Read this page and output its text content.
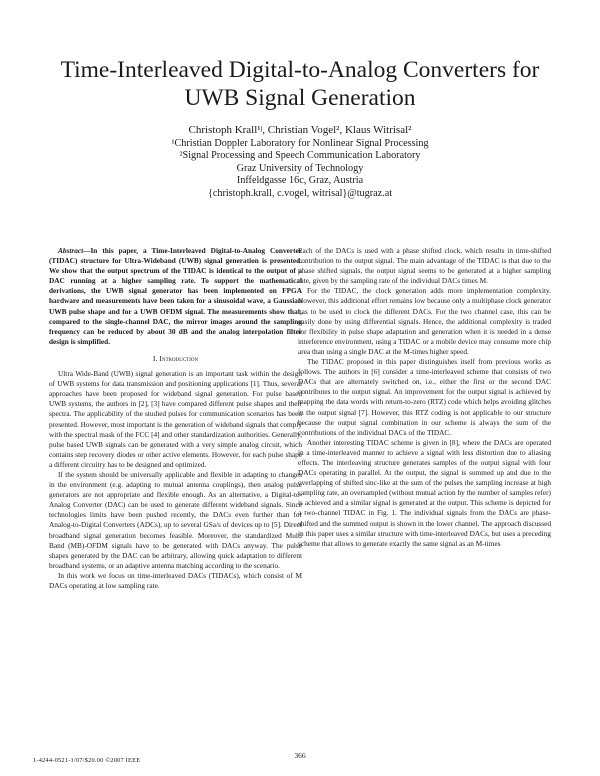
Time-Interleaved Digital-to-Analog Converters for
UWB Signal Generation
Christoph Krall¹ʲ, Christian Vogel², Klaus Witrisal²
¹Christian Doppler Laboratory for Nonlinear Signal Processing
²Signal Processing and Speech Communication Laboratory
Graz University of Technology
Inffeldgasse 16c, Graz, Austria
{christoph.krall, c.vogel, witrisal}@tugraz.at

Abstract—In this paper, a Time-Interleaved Digital-to-Analog Converter (TIDAC) structure for Ultra-Wideband (UWB) signal generation is presented. We show that the output spectrum of the TIDAC is identical to the output of a DAC running at a higher sampling rate. To support the mathematical derivations, the UWB signal generator has been implemented on FPGA hardware and measurements have been taken for a sinusoidal wave, a Gaussian UWB pulse shape and for a UWB OFDM signal. The measurements show that, compared to the single-channel DAC, the mirror images around the sampling frequency can be reduced by about 30 dB and the analog interpolation filter design is simplified.

I. Introduction

Ultra Wide-Band (UWB) signal generation is an important task within the design of UWB systems for data transmission and positioning applications [1]. Thus, several approaches have been proposed for wideband signal generation. For pulse based UWB systems, the authors in [2], [3] have compared different pulse shapes and their spectra. The applicability of the studied pulses for communication scenarios has been presented. However, most important is the generation of wideband signals that comply with the spectral mask of the FCC [4] and other standardization authorities. Generally, pulse based UWB signals can be generated with a very simple analog circuit, which contains step recovery diodes or other active elements. However, for each pulse shape a different circuitry has to be designed and optimized.

If the system should be universally applicable and flexible in adapting to changes in the environment (e.g. adapting to mutual antenna couplings), then analog pulse generators are not appropriate and flexible enough. As an alternative, a Digital-to-Analog Converter (DAC) can be used to generate different wideband signals. Since technologies limits have been pushed recently, the DACs even further than for Analog-to-Digital Converters (ADCs), up to several GSa/s of devices up to [5]. Direct broadband signal generation becomes feasible. Moreover, the standardized Multi Band (MB)-OFDM signals have to be generated with DACs anyway. The pulse shapes generated by the DAC can be arbitrary, allowing quick adaptation to different broadband systems, or an adaptive antenna matching according to the scenario.

In this work we focus on time-interleaved DACs (TIDACs), which consist of M DACs operating at low sampling rate.

Each of the DACs is used with a phase shifted clock, which results in time-shifted contribution to the output signal. The main advantage of the TIDAC is that due to the phase shifted signals, the output signal seems to be generated at a higher sampling rate, given by the sampling rate of the individual DACs times M.

For the TIDAC, the clock generation adds more implementation complexity. However, this additional effort remains low because only a multiphase clock generator has to be used to clock the different DACs. For the two channel case, this can be easily done by using differential signals. Hence, the additional complexity is traded for flexibility in pulse shape adaptation and generation when it is needed in a dense interference environment, using a TIDAC or a mobile device may consume more chip area than using a single DAC at the M-times higher speed.

The TIDAC proposed in this paper distinguishes itself from previous works as follows. The authors in [6] consider a time-interleaved scheme that consists of two DACs that are alternately switched on, i.e., either the first or the second DAC contributes to the output signal. An improvement for the output signal is achieved by mapping the data words with return-to-zero (RTZ) code which helps avoiding glitches in the output signal [7]. However, this RTZ coding is not applicable to our structure because the output signal combination in our scheme is always the sum of the contributions of the individual DACs of the TIDAC.

Another interesting TIDAC scheme is given in [8], where the DACs are operated in a time-interleaved manner to achieve a signal with less distortion due to aliasing effects. The interleaving structure generates samples of the output signal with four DACs operating in parallel. At the output, the signal is summed up and due to the overlapping of shifted sinc-like at the sum of the pulses the sampling increase at high sampling rate, an oversampled (without mutual action by the number of samples refer) is achieved and a similar signal is generated at the output. This scheme is depicted for a two-channel TIDAC in Fig. 1. The individual signals from the DACs are phase-shifted and the summed output is shown in the lower channel. The approach discussed in this paper uses a similar structure with time-interleaved DACs, but uses a preceding scheme that allows to generate exactly the same signal as an M-times

1-4244-0521-1/07/$20.00 ©2007 IEEE
366
